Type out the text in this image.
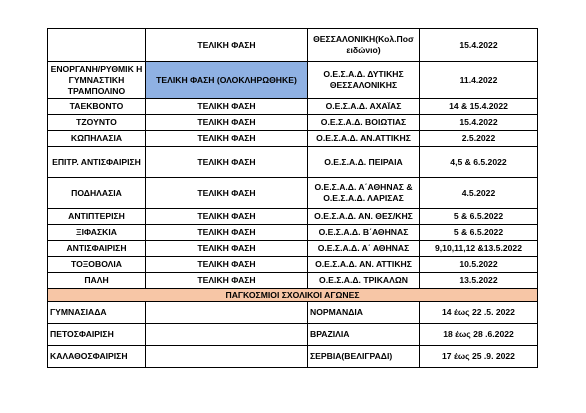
	ΤΕΛΙΚΗ ΦΑΣΗ	ΘΕΣΣΑΛΟΝΙΚΗ(Κολ.Ποσ ειδώνιο)	15.4.2022
ΕΝΟΡΓΑΝΗ/ΡΥΘΜΙΚ Η ΓΥΜΝΑΣΤΙΚΗ ΤΡΑΜΠΟΛΙΝΟ	ΤΕΛΙΚΗ ΦΑΣΗ (ΟΛΟΚΛΗΡΩΘΗΚΕ)	Ο.Ε.Σ.Α.Δ. ΔΥΤΙΚΗΣ ΘΕΣΣΑΛΟΝΙΚΗΣ	11.4.2022
ΤΑΕΚΒΟΝΤΟ	ΤΕΛΙΚΗ ΦΑΣΗ	Ο.Ε.Σ.Α.Δ. ΑΧΑΪΑΣ	14 & 15.4.2022
ΤΖΟΥΝΤΟ	ΤΕΛΙΚΗ ΦΑΣΗ	Ο.Ε.Σ.Α.Δ. ΒΟΙΩΤΙΑΣ	15.4.2022
ΚΩΠΗΛΑΣΙΑ	ΤΕΛΙΚΗ ΦΑΣΗ	Ο.Ε.Σ.Α.Δ. ΑΝ.ΑΤΤΙΚΗΣ	2.5.2022
ΕΠΙΤΡ. ΑΝΤΙΣΦΑΙΡΙΣΗ	ΤΕΛΙΚΗ ΦΑΣΗ	Ο.Ε.Σ.Α.Δ. ΠΕΙΡΑΙΑ	4,5 & 6.5.2022
ΠΟΔΗΛΑΣΙΑ	ΤΕΛΙΚΗ ΦΑΣΗ	Ο.Ε.Σ.Α.Δ. Α΄ΑΘΗΝΑΣ & Ο.Ε.Σ.Α.Δ. ΛΑΡΙΣΑΣ	4.5.2022
ΑΝΤΙΠΤΕΡΙΣΗ	ΤΕΛΙΚΗ ΦΑΣΗ	Ο.Ε.Σ.Α.Δ. ΑΝ. ΘΕΣ/ΚΗΣ	5 & 6.5.2022
ΞΙΦΑΣΚΙΑ	ΤΕΛΙΚΗ ΦΑΣΗ	Ο.Ε.Σ.Α.Δ. Β΄ΑΘΗΝΑΣ	5 & 6.5.2022
ΑΝΤΙΣΦΑΙΡΙΣΗ	ΤΕΛΙΚΗ ΦΑΣΗ	Ο.Ε.Σ.Α.Δ. Α΄ ΑΘΗΝΑΣ	9,10,11,12 &13.5.2022
ΤΟΞΟΒΟΛΙΑ	ΤΕΛΙΚΗ ΦΑΣΗ	Ο.Ε.Σ.Α.Δ. ΑΝ. ΑΤΤΙΚΗΣ	10.5.2022
ΠΑΛΗ	ΤΕΛΙΚΗ ΦΑΣΗ	Ο.Ε.Σ.Α.Δ. ΤΡΙΚΑΛΩΝ	13.5.2022
ΠΑΓΚΟΣΜΙΟΙ ΣΧΟΛΙΚΟΙ ΑΓΩΝΕΣ			
ΓΥΜΝΑΣΙΑΔΑ		ΝΟΡΜΑΝΔΙΑ	14 έως 22 .5. 2022
ΠΕΤΟΣΦΑΙΡΙΣΗ		ΒΡΑΖΙΛΙΑ	18 έως 28 .6.2022
ΚΑΛΑΘΟΣΦΑΙΡΙΣΗ		ΣΕΡΒΙΑ(ΒΕΛΙΓΡΑΔΙ)	17 έως 25 .9. 2022
